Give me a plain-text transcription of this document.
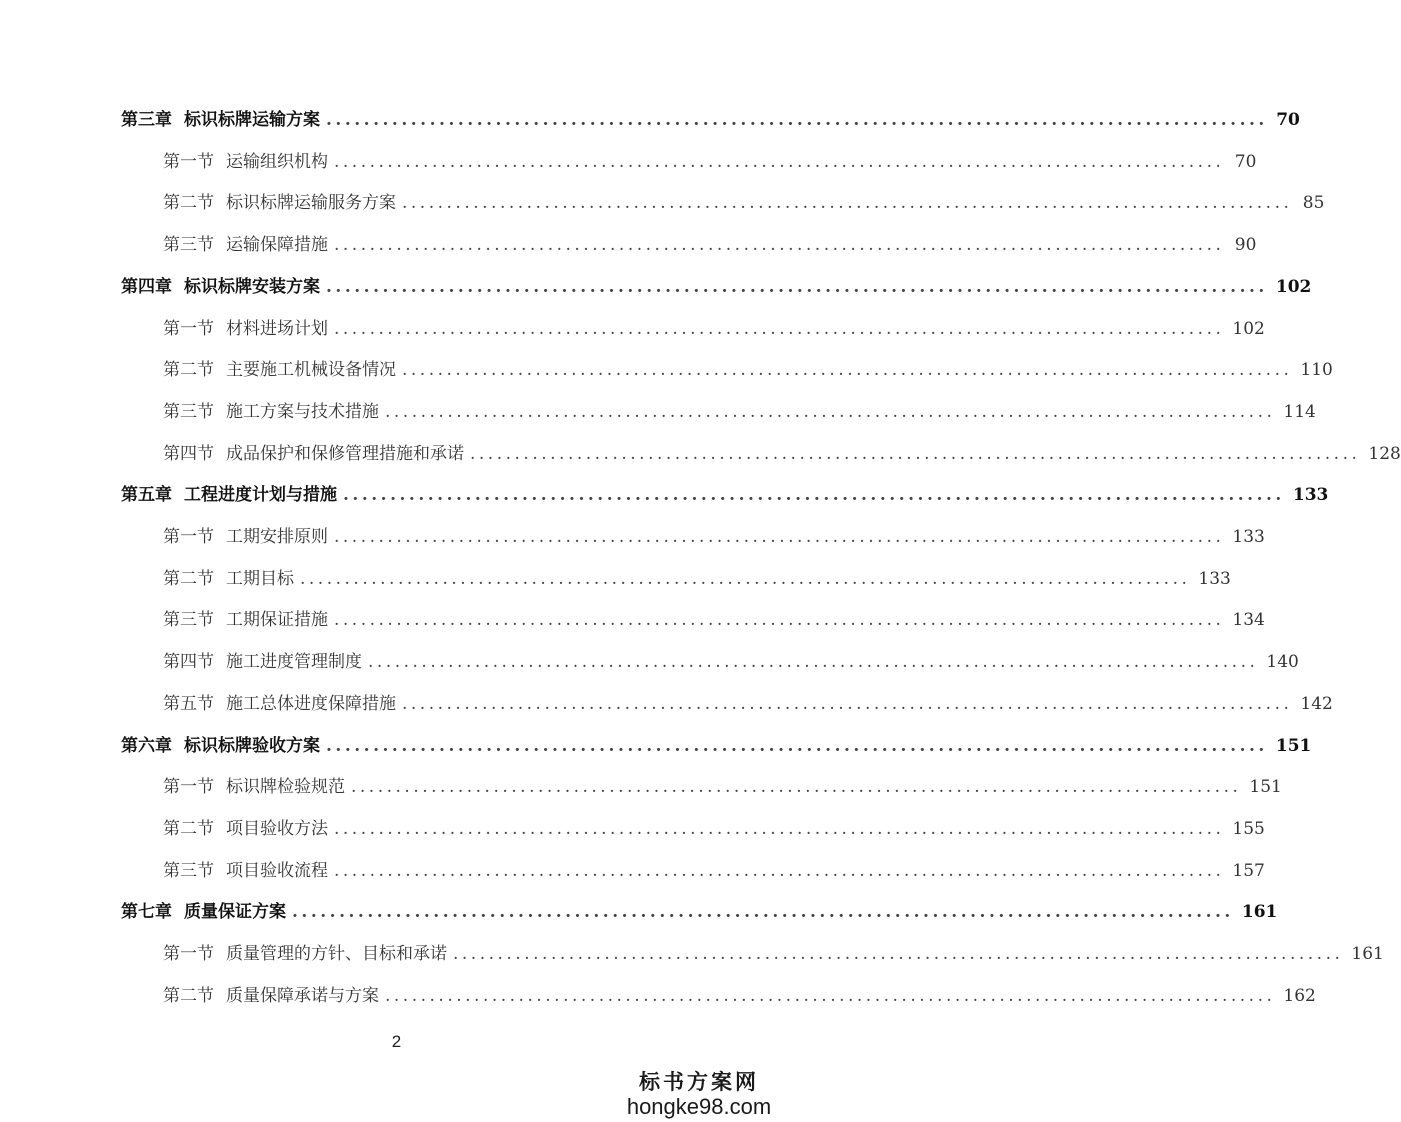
第三章 标识标牌运输方案 .....	70
第一节 运输组织机构 .....	70
第二节 标识标牌运输服务方案 .....	85
第三节 运输保障措施 .....	90
第四章 标识标牌安装方案 .....	102
第一节 材料进场计划 .....	102
第二节 主要施工机械设备情况 .....	110
第三节 施工方案与技术措施 .....	114
第四节 成品保护和保修管理措施和承诺 .....	128
第五章 工程进度计划与措施 .....	133
第一节 工期安排原则 .....	133
第二节 工期目标 .....	133
第三节 工期保证措施 .....	134
第四节 施工进度管理制度 .....	140
第五节 施工总体进度保障措施 .....	142
第六章 标识标牌验收方案 .....	151
第一节 标识牌检验规范 .....	151
第二节 项目验收方法 .....	155
第三节 项目验收流程 .....	157
第七章 质量保证方案 .....	161
第一节 质量管理的方针、目标和承诺 .....	161
第二节 质量保障承诺与方案 .....	162
2
标书方案网
hongke98.com
